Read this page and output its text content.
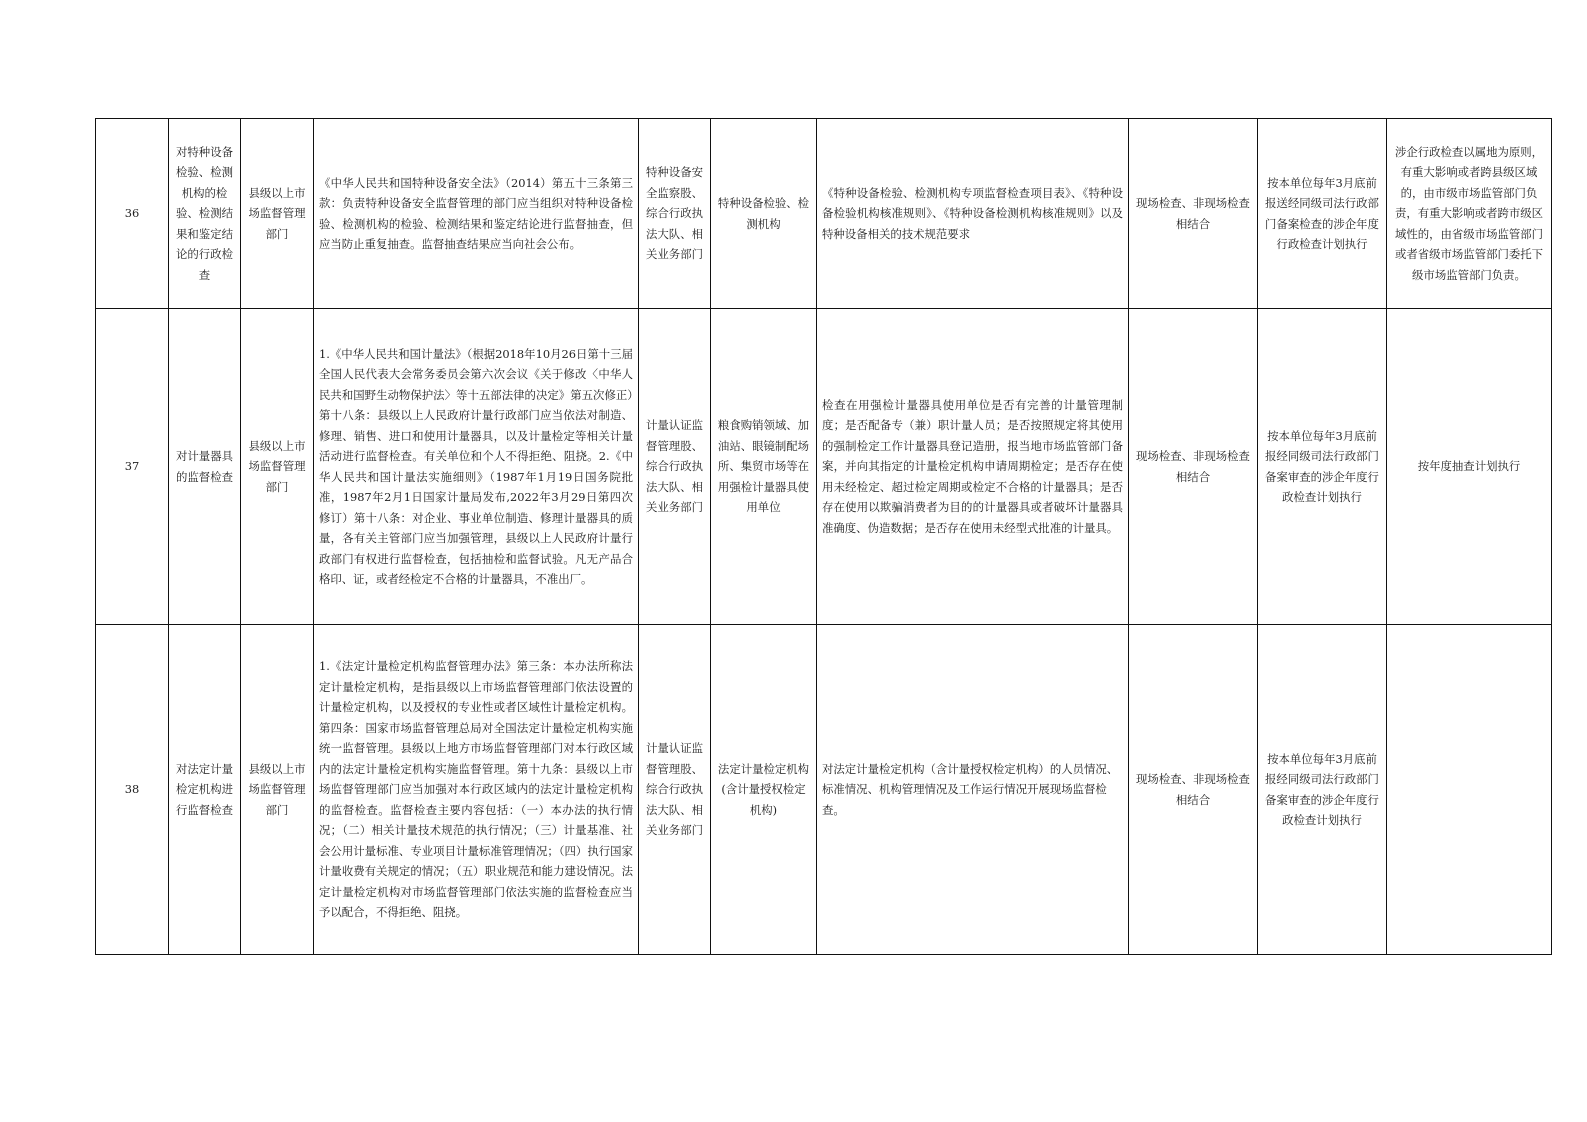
36	对特种设备检验、检测机构的检验、检测结果和鉴定结论的行政检查	县级以上市场监督管理部门	《中华人民共和国特种设备安全法》（2014）第五十三条第三款：负责特种设备安全监督管理的部门应当组织对特种设备检验、检测机构的检验、检测结果和鉴定结论进行监督抽查，但应当防止重复抽查。监督抽查结果应当向社会公布。	特种设备安全监察股、综合行政执法大队、相关业务部门	特种设备检验、检测机构	《特种设备检验、检测机构专项监督检查项目表》、《特种设备检验机构核准规则》、《特种设备检测机构核准规则》以及特种设备相关的技术规范要求	现场检查、非现场检查相结合	按本单位每年3月底前报送经同级司法行政部门备案检查的涉企年度行政检查计划执行	涉企行政检查以属地为原则，有重大影响或者跨县级区域的，由市级市场监管部门负责，有重大影响或者跨市级区域性的，由省级市场监管部门或者省级市场监管部门委托下级市场监管部门负责。
37	对计量器具的监督检查	县级以上市场监督管理部门	1.《中华人民共和国计量法》（根据2018年10月26日第十三届全国人民代表大会常务委员会第六次会议《关于修改〈中华人民共和国野生动物保护法〉等十五部法律的决定》第五次修正）第十八条：县级以上人民政府计量行政部门应当依法对制造、修理、销售、进口和使用计量器具，以及计量检定等相关计量活动进行监督检查。有关单位和个人不得拒绝、阻挠。2.《中华人民共和国计量法实施细则》（1987年1月19日国务院批准，1987年2月1日国家计量局发布,2022年3月29日第四次修订）第十八条：对企业、事业单位制造、修理计量器具的质量，各有关主管部门应当加强管理，县级以上人民政府计量行政部门有权进行监督检查，包括抽检和监督试验。凡无产品合格印、证，或者经检定不合格的计量器具，不准出厂。	计量认证监督管理股、综合行政执法大队、相关业务部门	粮食购销领域、加油站、眼镜制配场所、集贸市场等在用强检计量器具使用单位	检查在用强检计量器具使用单位是否有完善的计量管理制度；是否配备专（兼）职计量人员；是否按照规定将其使用的强制检定工作计量器具登记造册，报当地市场监管部门备案，并向其指定的计量检定机构申请周期检定；是否存在使用未经检定、超过检定周期或检定不合格的计量器具；是否存在使用以欺骗消费者为目的的计量器具或者破坏计量器具准确度、伪造数据；是否存在使用未经型式批准的计量具。	现场检查、非现场检查相结合	按本单位每年3月底前报经同级司法行政部门备案审查的涉企年度行政检查计划执行	按年度抽查计划执行
38	对法定计量检定机构进行监督检查	县级以上市场监督管理部门	1.《法定计量检定机构监督管理办法》第三条：本办法所称法定计量检定机构，是指县级以上市场监督管理部门依法设置的计量检定机构，以及授权的专业性或者区域性计量检定机构。第四条：国家市场监督管理总局对全国法定计量检定机构实施统一监督管理。县级以上地方市场监督管理部门对本行政区域内的法定计量检定机构实施监督管理。第十九条：县级以上市场监督管理部门应当加强对本行政区域内的法定计量检定机构的监督检查。监督检查主要内容包括：（一）本办法的执行情况；（二）相关计量技术规范的执行情况；（三）计量基准、社会公用计量标准、专业项目计量标准管理情况；（四）执行国家计量收费有关规定的情况；（五）职业规范和能力建设情况。法定计量检定机构对市场监督管理部门依法实施的监督检查应当予以配合，不得拒绝、阻挠。	计量认证监督管理股、综合行政执法大队、相关业务部门	法定计量检定机构(含计量授权检定机构)	对法定计量检定机构（含计量授权检定机构）的人员情况、标准情况、机构管理情况及工作运行情况开展现场监督检查。	现场检查、非现场检查相结合	按本单位每年3月底前报经同级司法行政部门备案审查的涉企年度行政检查计划执行	
